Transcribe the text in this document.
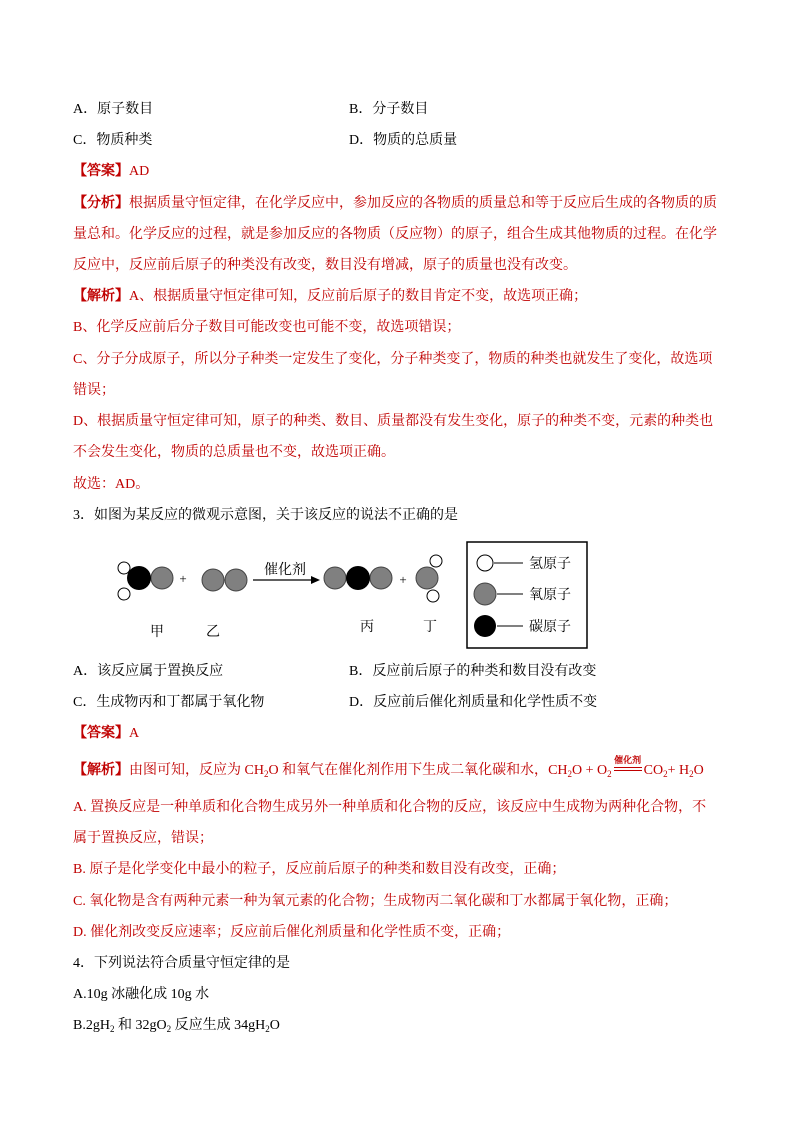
A．原子数目	B．分子数目
C．物质种类	D．物质的总质量
【答案】AD
【分析】根据质量守恒定律，在化学反应中，参加反应的各物质的质量总和等于反应后生成的各物质的质
量总和。化学反应的过程，就是参加反应的各物质（反应物）的原子，组合生成其他物质的过程。在化学
反应中，反应前后原子的种类没有改变，数目没有增减，原子的质量也没有改变。
【解析】A、根据质量守恒定律可知，反应前后原子的数目肯定不变，故选项正确；
B、化学反应前后分子数目可能改变也可能不变，故选项错误；
C、分子分成原子，所以分子种类一定发生了变化，分子种类变了，物质的种类也就发生了变化，故选项
错误；
D、根据质量守恒定律可知，原子的种类、数目、质量都没有发生变化，原子的种类不变，元素的种类也
不会发生变化，物质的总质量也不变，故选项正确。
故选：AD。
3．如图为某反应的微观示意图，关于该反应的说法不正确的是
+
催化剂
+
甲	乙	丙	丁
氢原子
氧原子
碳原子
A．该反应属于置换反应	B．反应前后原子的种类和数目没有改变
C．生成物丙和丁都属于氧化物	D．反应前后催化剂质量和化学性质不变
【答案】A
【解析】由图可知，反应为 $CH_2O$ 和氧气在催化剂作用下生成二氧化碳和水，$CH_2O + O_2$
催化剂
$CO_2+ H_2O$
A. 置换反应是一种单质和化合物生成另外一种单质和化合物的反应，该反应中生成物为两种化合物，不
属于置换反应，错误；
B. 原子是化学变化中最小的粒子，反应前后原子的种类和数目没有改变，正确；
C. 氧化物是含有两种元素一种为氧元素的化合物；生成物丙二氧化碳和丁水都属于氧化物，正确；
D. 催化剂改变反应速率；反应前后催化剂质量和化学性质不变，正确；
4．下列说法符合质量守恒定律的是
A.10g 冰融化成 10g 水
$B.2gH_2$ 和 $32gO_2$ 反应生成 $34gH_2O$
